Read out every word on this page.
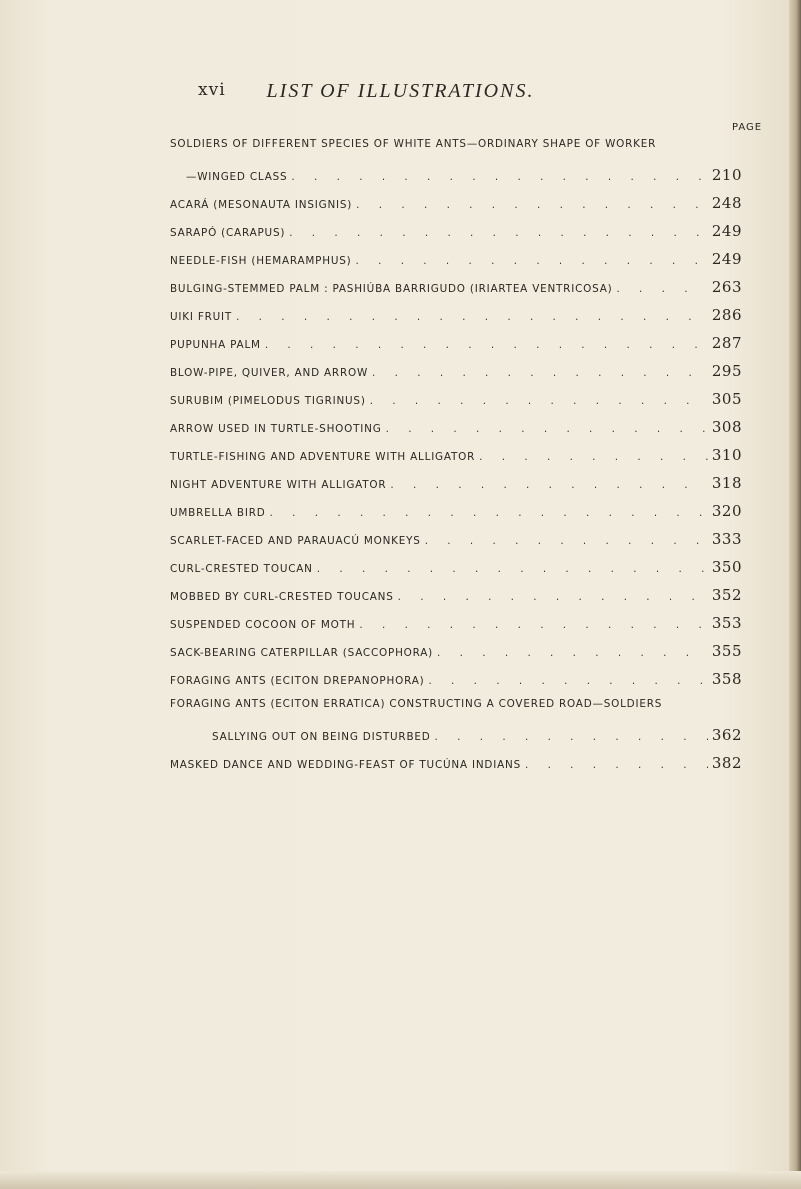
xvi	LIST OF ILLUSTRATIONS.
PAGE
SOLDIERS OF DIFFERENT SPECIES OF WHITE ANTS—ORDINARY SHAPE OF WORKER
—WINGED CLASS . . .	210
ACARÁ (MESONAUTA INSIGNIS) . . .	248
SARAPÓ (CARAPUS) . . .	249
NEEDLE-FISH (HEMARAMPHUS) . . .	249
BULGING-STEMMED PALM : PASHIÚBA BARRIGUDO (IRIARTEA VENTRICOSA) . . .	263
UIKI FRUIT . . .	286
PUPUNHA PALM . . .	287
BLOW-PIPE, QUIVER, AND ARROW . . .	295
SURUBIM (PIMELODUS TIGRINUS) . . .	305
ARROW USED IN TURTLE-SHOOTING . . .	308
TURTLE-FISHING AND ADVENTURE WITH ALLIGATOR . . .	310
NIGHT ADVENTURE WITH ALLIGATOR . . .	318
UMBRELLA BIRD . . .	320
SCARLET-FACED AND PARAUACÚ MONKEYS . . .	333
CURL-CRESTED TOUCAN . . .	350
MOBBED BY CURL-CRESTED TOUCANS . . .	352
SUSPENDED COCOON OF MOTH . . .	353
SACK-BEARING CATERPILLAR (SACCOPHORA) . . .	355
FORAGING ANTS (ECITON DREPANOPHORA) . . .	358
FORAGING ANTS (ECITON ERRATICA) CONSTRUCTING A COVERED ROAD—SOLDIERS
SALLYING OUT ON BEING DISTURBED . . .	362
MASKED DANCE AND WEDDING-FEAST OF TUCÚNA INDIANS . . .	382
